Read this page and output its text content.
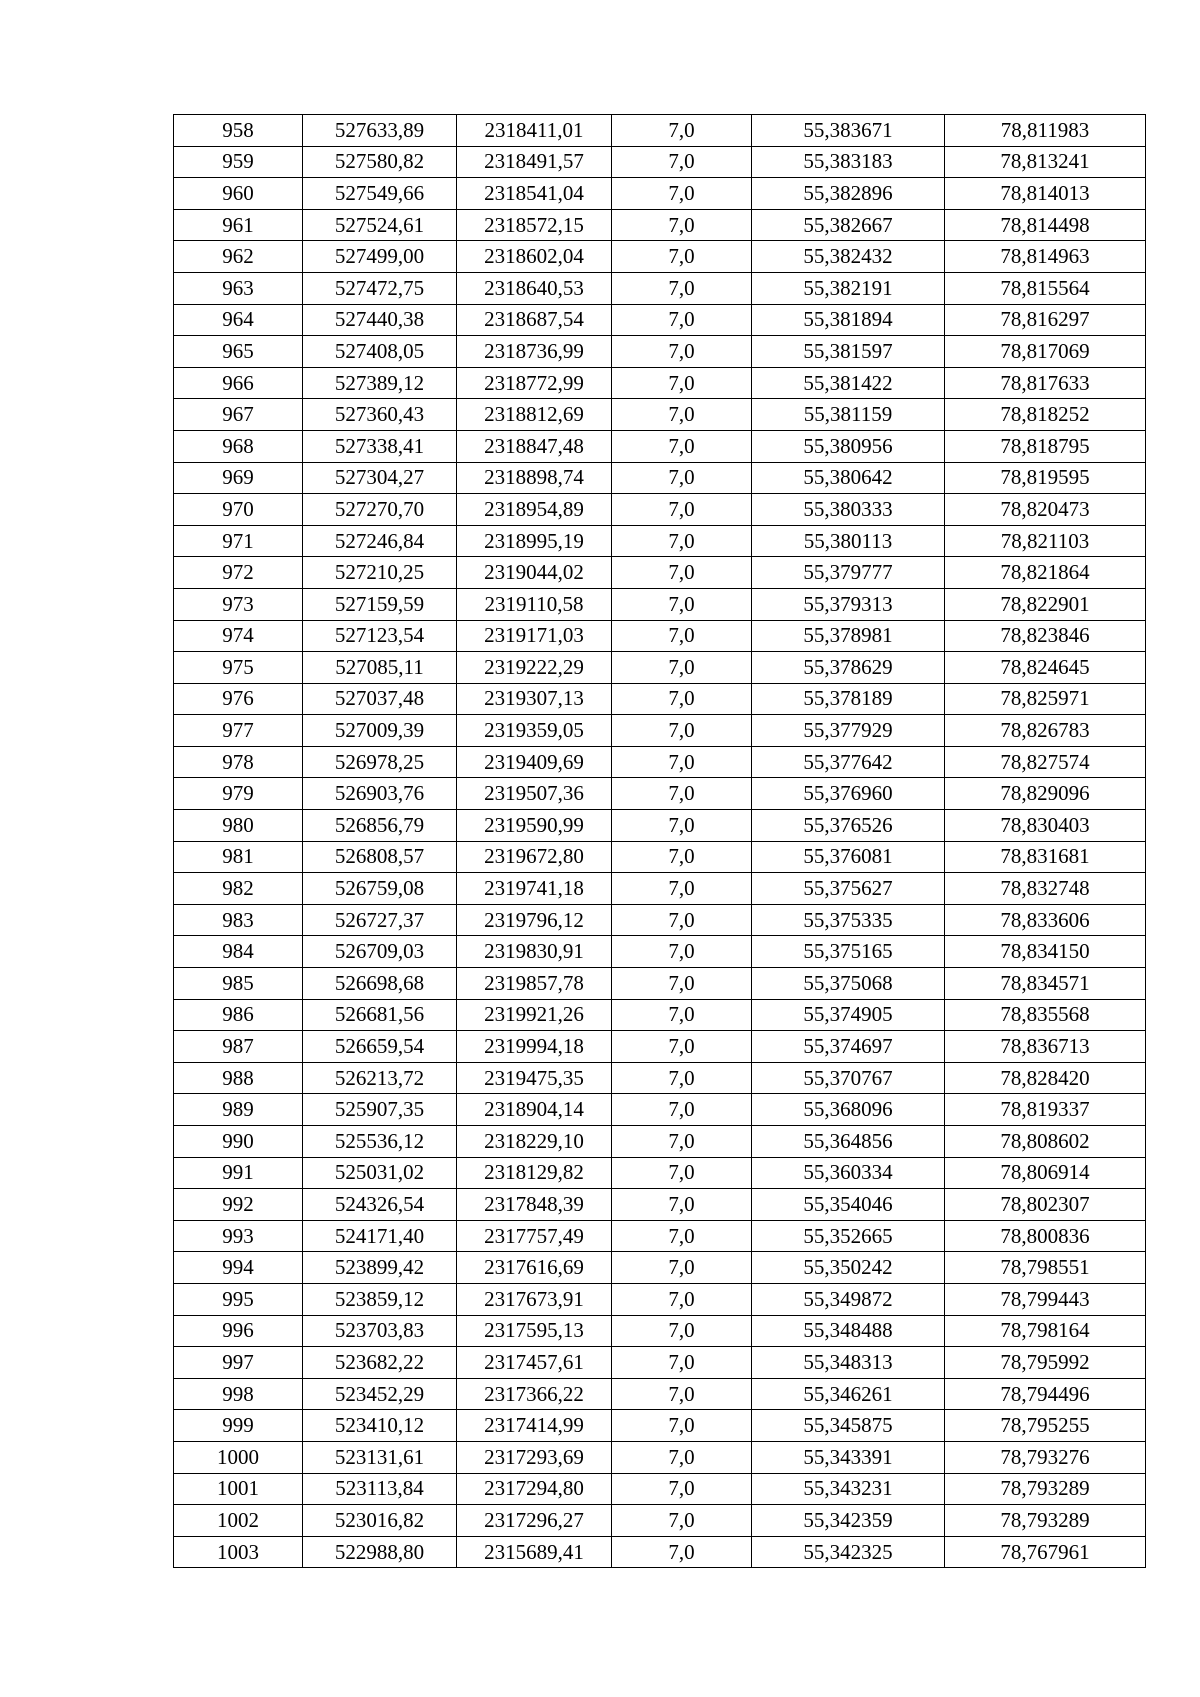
958	527633,89	2318411,01	7,0	55,383671	78,811983
959	527580,82	2318491,57	7,0	55,383183	78,813241
960	527549,66	2318541,04	7,0	55,382896	78,814013
961	527524,61	2318572,15	7,0	55,382667	78,814498
962	527499,00	2318602,04	7,0	55,382432	78,814963
963	527472,75	2318640,53	7,0	55,382191	78,815564
964	527440,38	2318687,54	7,0	55,381894	78,816297
965	527408,05	2318736,99	7,0	55,381597	78,817069
966	527389,12	2318772,99	7,0	55,381422	78,817633
967	527360,43	2318812,69	7,0	55,381159	78,818252
968	527338,41	2318847,48	7,0	55,380956	78,818795
969	527304,27	2318898,74	7,0	55,380642	78,819595
970	527270,70	2318954,89	7,0	55,380333	78,820473
971	527246,84	2318995,19	7,0	55,380113	78,821103
972	527210,25	2319044,02	7,0	55,379777	78,821864
973	527159,59	2319110,58	7,0	55,379313	78,822901
974	527123,54	2319171,03	7,0	55,378981	78,823846
975	527085,11	2319222,29	7,0	55,378629	78,824645
976	527037,48	2319307,13	7,0	55,378189	78,825971
977	527009,39	2319359,05	7,0	55,377929	78,826783
978	526978,25	2319409,69	7,0	55,377642	78,827574
979	526903,76	2319507,36	7,0	55,376960	78,829096
980	526856,79	2319590,99	7,0	55,376526	78,830403
981	526808,57	2319672,80	7,0	55,376081	78,831681
982	526759,08	2319741,18	7,0	55,375627	78,832748
983	526727,37	2319796,12	7,0	55,375335	78,833606
984	526709,03	2319830,91	7,0	55,375165	78,834150
985	526698,68	2319857,78	7,0	55,375068	78,834571
986	526681,56	2319921,26	7,0	55,374905	78,835568
987	526659,54	2319994,18	7,0	55,374697	78,836713
988	526213,72	2319475,35	7,0	55,370767	78,828420
989	525907,35	2318904,14	7,0	55,368096	78,819337
990	525536,12	2318229,10	7,0	55,364856	78,808602
991	525031,02	2318129,82	7,0	55,360334	78,806914
992	524326,54	2317848,39	7,0	55,354046	78,802307
993	524171,40	2317757,49	7,0	55,352665	78,800836
994	523899,42	2317616,69	7,0	55,350242	78,798551
995	523859,12	2317673,91	7,0	55,349872	78,799443
996	523703,83	2317595,13	7,0	55,348488	78,798164
997	523682,22	2317457,61	7,0	55,348313	78,795992
998	523452,29	2317366,22	7,0	55,346261	78,794496
999	523410,12	2317414,99	7,0	55,345875	78,795255
1000	523131,61	2317293,69	7,0	55,343391	78,793276
1001	523113,84	2317294,80	7,0	55,343231	78,793289
1002	523016,82	2317296,27	7,0	55,342359	78,793289
1003	522988,80	2315689,41	7,0	55,342325	78,767961
